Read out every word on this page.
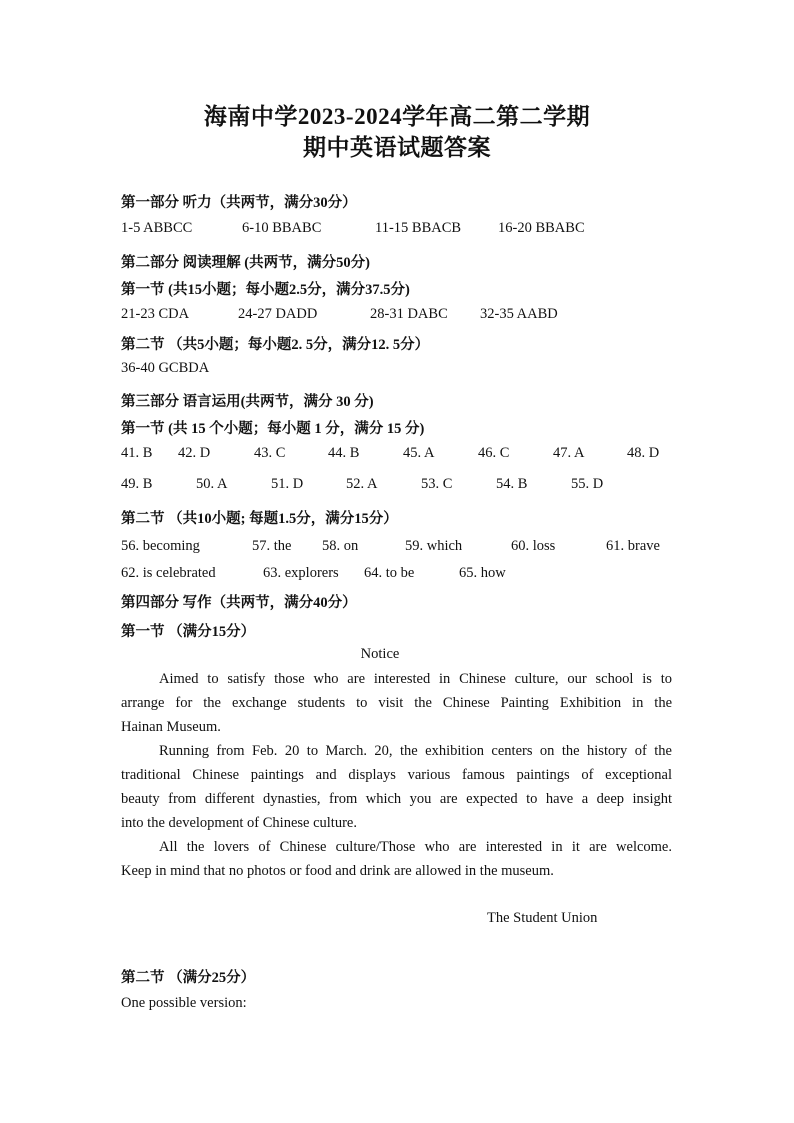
海南中学2023-2024学年高二第二学期
期中英语试题答案
第一部分 听力（共两节，满分30分）
1-5 ABBCC	6-10 BBABC	11-15 BBACB	16-20 BBABC
第二部分 阅读理解 (共两节，满分50分)
第一节 (共15小题；每小题2.5分，满分37.5分)
21-23 CDA	24-27 DADD	28-31 DABC 32-35 AABD
第二节 （共5小题；每小题2. 5分，满分12. 5分）
36-40 GCBDA
第三部分 语言运用(共两节，满分 30 分)
第一节 (共 15 个小题；每小题 1 分，满分 15 分)
41. B 42. D	43. C	44. B	45. A	46. C	47. A	48. D
49. B	50. A	51. D	52. A	53. C	54. B	55. D
第二节 （共10小题; 每题1.5分，满分15分）
56. becoming	57. the 58. on	59. which	60. loss	61. brave
62. is celebrated	63. explorers 64. to be	65. how
第四部分 写作（共两节，满分40分）
第一节 （满分15分）
Notice
Aimed to satisfy those who are interested in Chinese culture, our school is to
arrange for the exchange students to visit the Chinese Painting Exhibition in the
Hainan Museum.
Running from Feb. 20 to March. 20, the exhibition centers on the history of the
traditional Chinese paintings and displays various famous paintings of exceptional
beauty from different dynasties, from which you are expected to have a deep insight
into the development of Chinese culture.
All the lovers of Chinese culture/Those who are interested in it are welcome.
Keep in mind that no photos or food and drink are allowed in the museum.
The Student Union
第二节 （满分25分）
One possible version:
